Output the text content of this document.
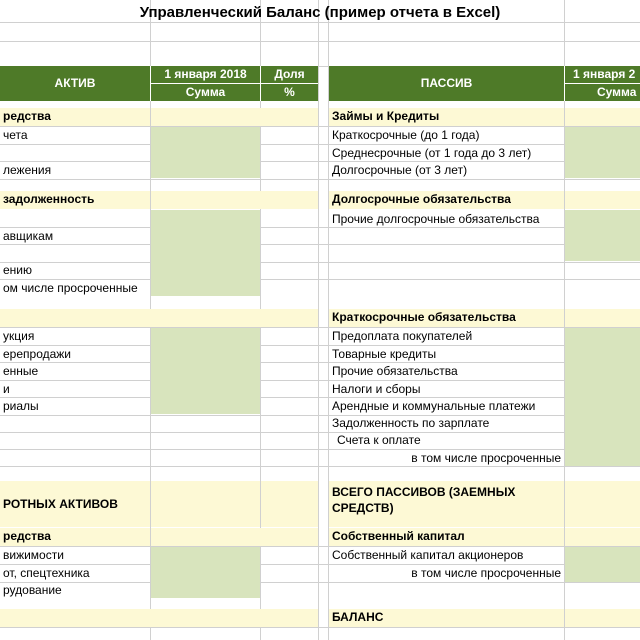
Управленческий Баланс (пример отчета в Excel)
АКТИВ
1 января 2018
Сумма
Доля
%
ПАССИВ
1 января 2
Сумма
редства
задолженность
РОТНЫХ АКТИВОВ
редства
чета
лежения
авщикам
ению
ом числе просроченные
укция
ерепродажи
енные
и
риалы
вижимости
от, спецтехника
рудование
Займы и Кредиты
Долгосрочные обязательства
Краткосрочные обязательства
ВСЕГО ПАССИВОВ (ЗАЕМНЫХ СРЕДСТВ)
Собственный капитал
БАЛАНС
Краткосрочные (до 1 года)
Среднесрочные (от 1 года до 3 лет)
Долгосрочные (от 3 лет)
Прочие долгосрочные обязательства
Предоплата покупателей
Товарные кредиты
Прочие обязательства
Налоги и сборы
Арендные и коммунальные платежи
Задолженность по зарплате
Счета к оплате
в том числе просроченные
Собственный капитал акционеров
в том числе просроченные
